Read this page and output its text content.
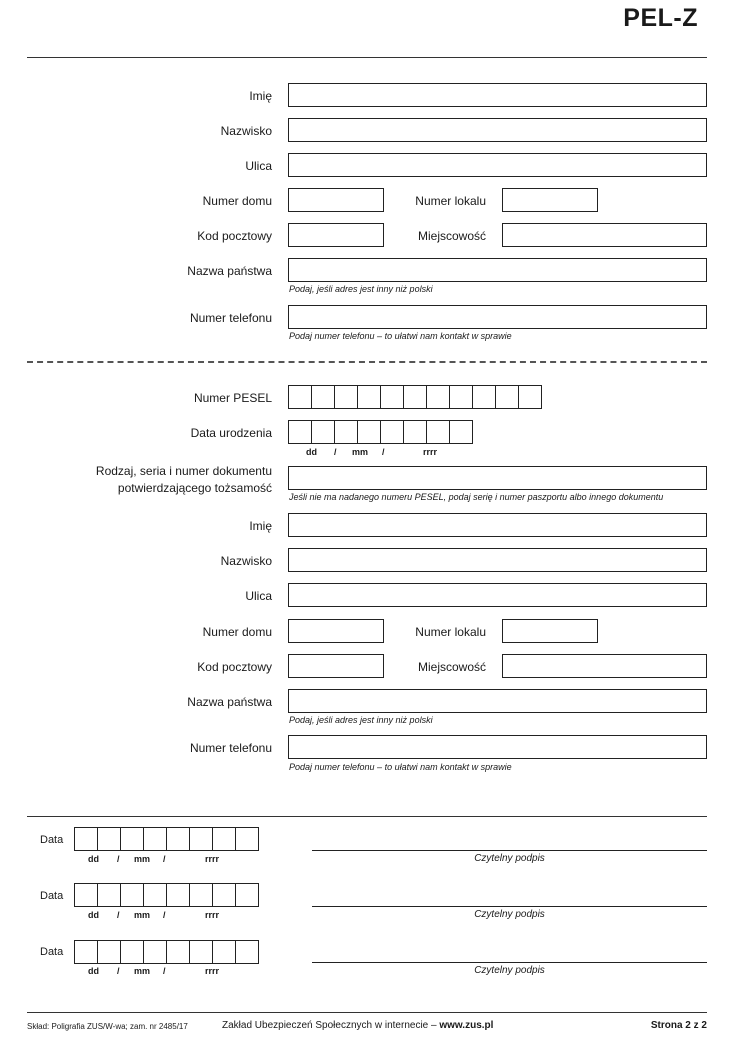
PEL-Z
Imię
Nazwisko
Ulica
Numer domu	Numer lokalu
Kod pocztowy	Miejscowość
Nazwa państwa
Podaj, jeśli adres jest inny niż polski
Numer telefonu
Podaj numer telefonu – to ułatwi nam kontakt w sprawie
Numer PESEL
Data urodzenia
dd / mm /	rrrr
Rodzaj, seria i numer dokumentu
potwierdzającego tożsamość
Jeśli nie ma nadanego numeru PESEL, podaj serię i numer paszportu albo innego dokumentu
Imię
Nazwisko
Ulica
Numer domu	Numer lokalu
Kod pocztowy	Miejscowość
Nazwa państwa
Podaj, jeśli adres jest inny niż polski
Numer telefonu
Podaj numer telefonu – to ułatwi nam kontakt w sprawie
Data
dd / mm /	rrrr	Czytelny podpis
Data
dd / mm /	rrrr	Czytelny podpis
Data
dd / mm /	rrrr	Czytelny podpis
Skład: Poligrafia ZUS/W-wa; zam. nr 2485/17	Zakład Ubezpieczeń Społecznych w internecie – www.zus.pl	Strona 2 z 2
